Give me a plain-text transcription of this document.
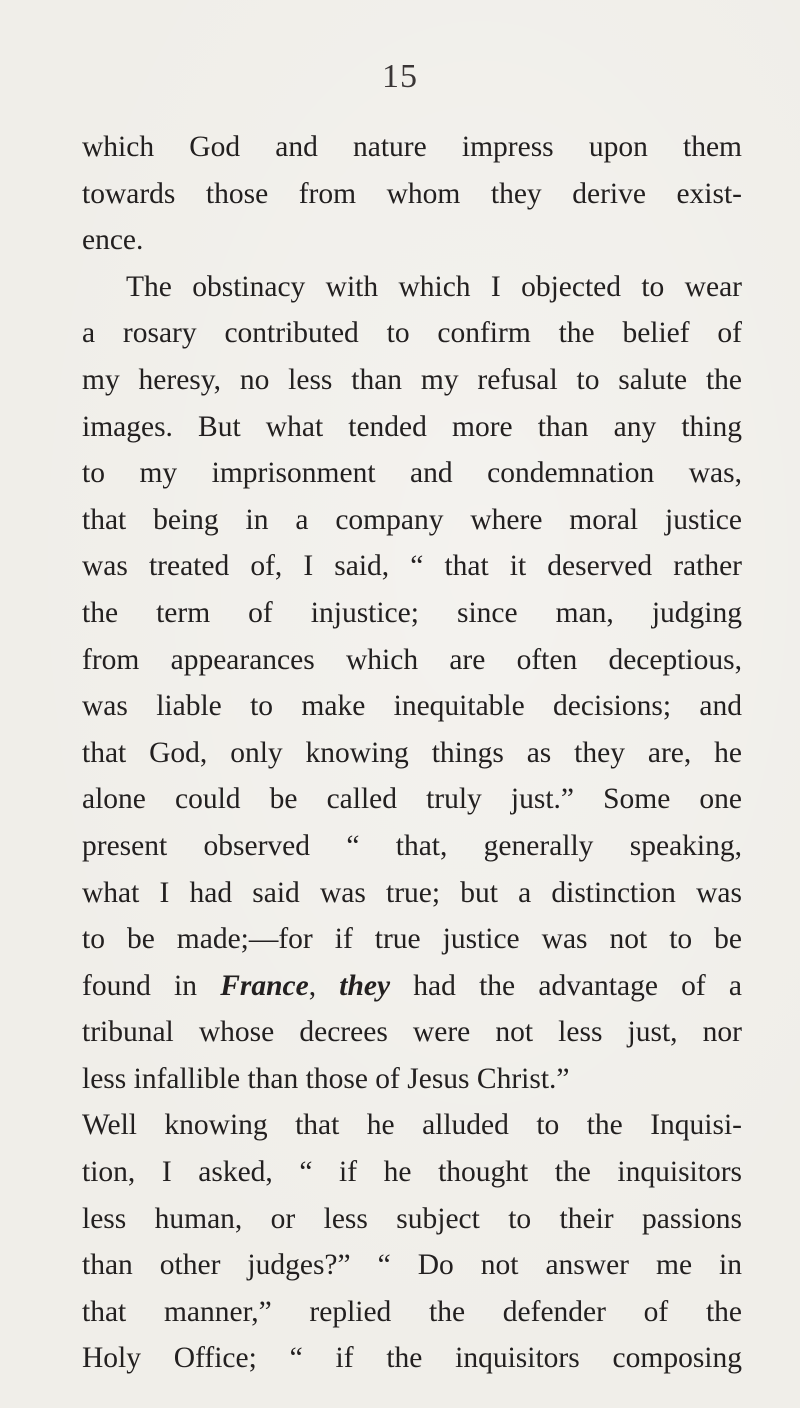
15
which God and nature impress upon them
towards those from whom they derive exist-
ence.
The obstinacy with which I objected to wear
a rosary contributed to confirm the belief of
my heresy, no less than my refusal to salute the
images. But what tended more than any thing
to my imprisonment and condemnation was,
that being in a company where moral justice
was treated of, I said, “ that it deserved rather
the term of injustice; since man, judging
from appearances which are often deceptious,
was liable to make inequitable decisions; and
that God, only knowing things as they are, he
alone could be called truly just.” Some one
present observed “ that, generally speaking,
what I had said was true; but a distinction was
to be made;—for if true justice was not to be
found in France, they had the advantage of a
tribunal whose decrees were not less just, nor
less infallible than those of Jesus Christ.”
Well knowing that he alluded to the Inquisi-
tion, I asked, “ if he thought the inquisitors
less human, or less subject to their passions
than other judges?” “ Do not answer me in
that manner,” replied the defender of the
Holy Office; “ if the inquisitors composing
